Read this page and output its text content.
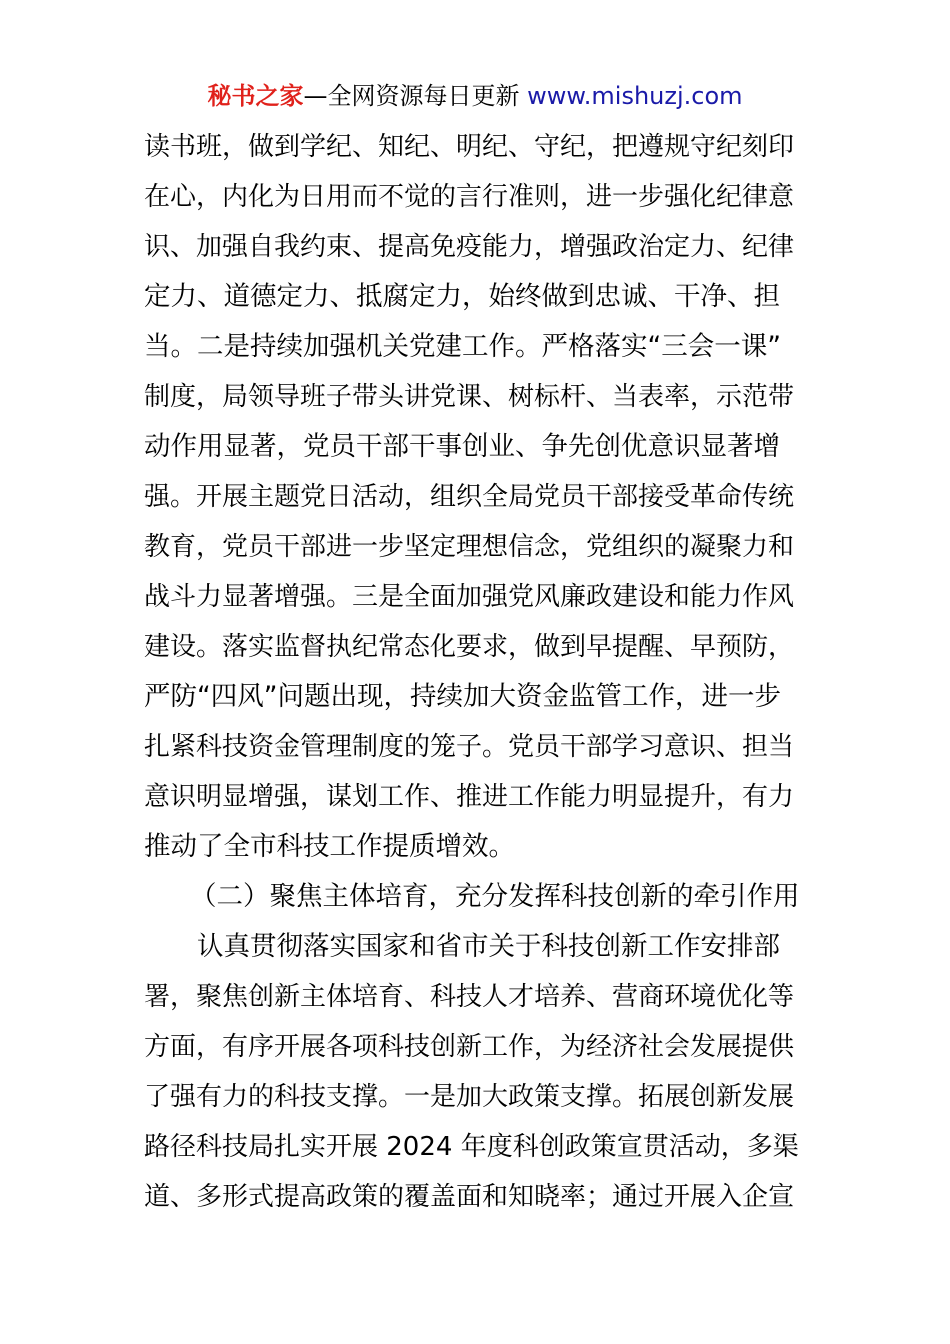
秘书之家—全网资源每日更新 www.mishuzj.com
读书班，做到学纪、知纪、明纪、守纪，把遵规守纪刻印
在心，内化为日用而不觉的言行准则，进一步强化纪律意
识、加强自我约束、提高免疫能力，增强政治定力、纪律
定力、道德定力、抵腐定力，始终做到忠诚、干净、担
当。二是持续加强机关党建工作。严格落实“三会一课”
制度，局领导班子带头讲党课、树标杆、当表率，示范带
动作用显著，党员干部干事创业、争先创优意识显著增
强。开展主题党日活动，组织全局党员干部接受革命传统
教育，党员干部进一步坚定理想信念，党组织的凝聚力和
战斗力显著增强。三是全面加强党风廉政建设和能力作风
建设。落实监督执纪常态化要求，做到早提醒、早预防，
严防“四风”问题出现，持续加大资金监管工作，进一步
扎紧科技资金管理制度的笼子。党员干部学习意识、担当
意识明显增强，谋划工作、推进工作能力明显提升，有力
推动了全市科技工作提质增效。
（二）聚焦主体培育，充分发挥科技创新的牵引作用
认真贯彻落实国家和省市关于科技创新工作安排部
署，聚焦创新主体培育、科技人才培养、营商环境优化等
方面，有序开展各项科技创新工作，为经济社会发展提供
了强有力的科技支撑。一是加大政策支撑。拓展创新发展
路径科技局扎实开展 2024 年度科创政策宣贯活动，多渠
道、多形式提高政策的覆盖面和知晓率；通过开展入企宣
